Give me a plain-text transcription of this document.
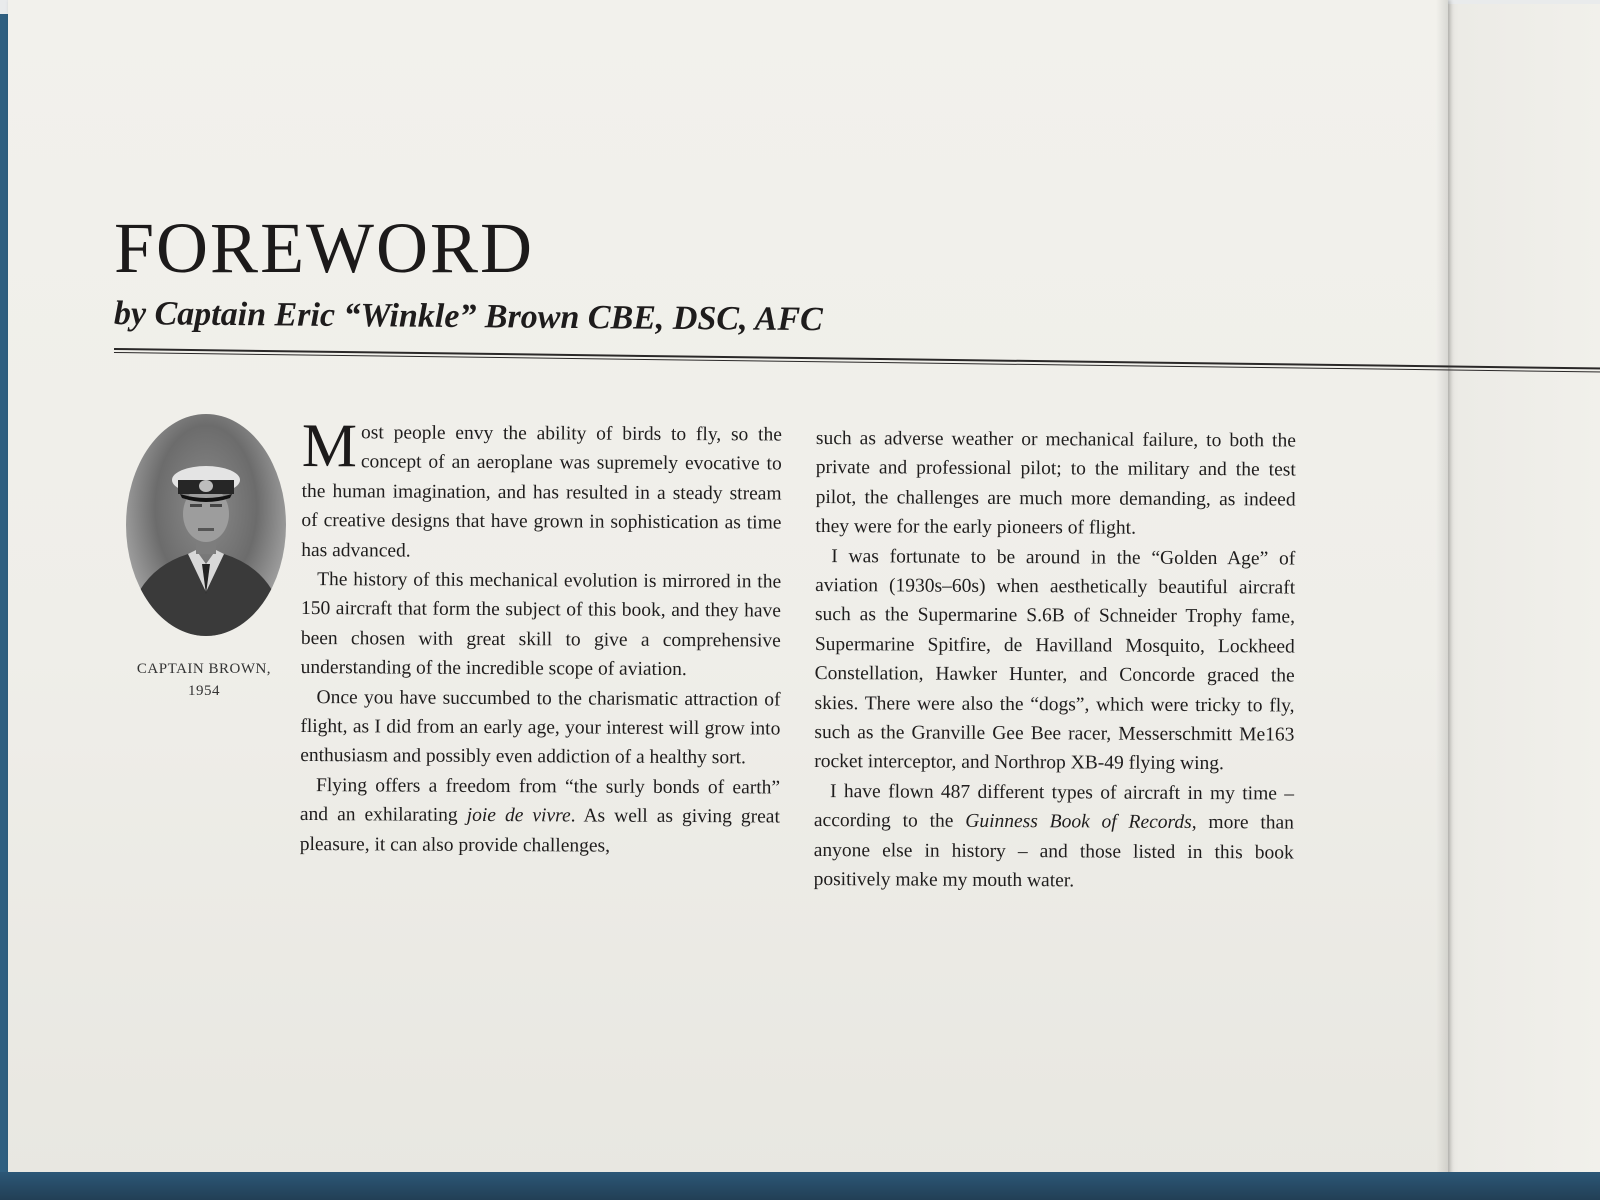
FOREWORD
by Captain Eric “Winkle” Brown CBE, DSC, AFC
CAPTAIN BROWN,
1954

Most people envy the ability of birds to fly, so the concept of an aeroplane was supremely evocative to the human imagination, and has resulted in a steady stream of creative designs that have grown in sophistication as time has advanced.

The history of this mechanical evolution is mirrored in the 150 aircraft that form the subject of this book, and they have been chosen with great skill to give a comprehensive understanding of the incredible scope of aviation.

Once you have succumbed to the charismatic attraction of flight, as I did from an early age, your interest will grow into enthusiasm and possibly even addiction of a healthy sort.

Flying offers a freedom from “the surly bonds of earth” and an exhilarating joie de vivre. As well as giving great pleasure, it can also provide challenges,

such as adverse weather or mechanical failure, to both the private and professional pilot; to the military and the test pilot, the challenges are much more demanding, as indeed they were for the early pioneers of flight.

I was fortunate to be around in the “Golden Age” of aviation (1930s–60s) when aesthetically beautiful aircraft such as the Supermarine S.6B of Schneider Trophy fame, Supermarine Spitfire, de Havilland Mosquito, Lockheed Constellation, Hawker Hunter, and Concorde graced the skies. There were also the “dogs”, which were tricky to fly, such as the Granville Gee Bee racer, Messerschmitt Me163 rocket interceptor, and Northrop XB-49 flying wing.

I have flown 487 different types of aircraft in my time – according to the Guinness Book of Records, more than anyone else in history – and those listed in this book positively make my mouth water.
